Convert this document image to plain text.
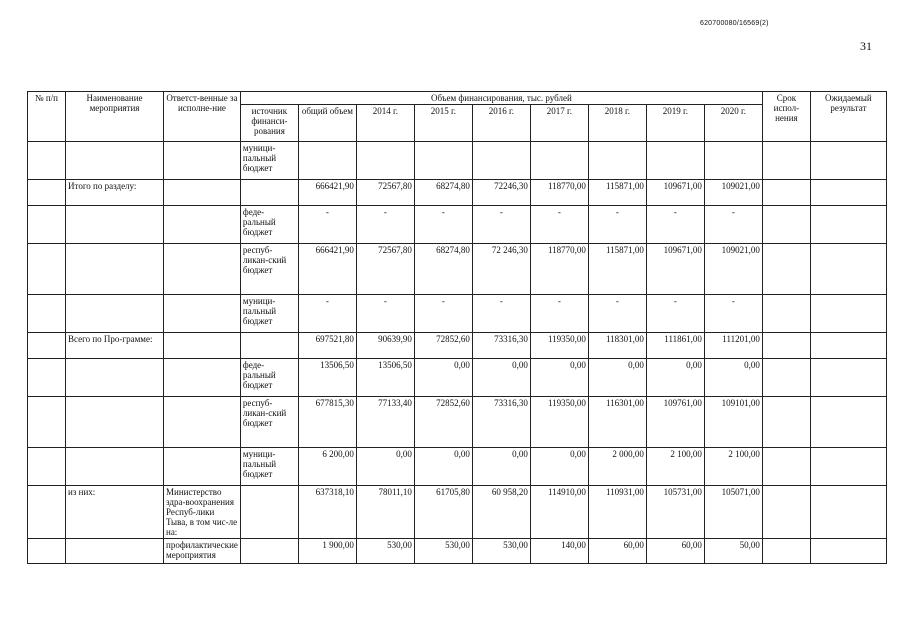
620700080/16569(2)
31
№ п/п	Наименование мероприятия	Ответст-венные за исполне-ние	Объем финансирования, тыс. рублей									Срок испол-нения	Ожидаемый результат
			источник финанси-рования	общий объем	2014 г.	2015 г.	2016 г.	2017 г.	2018 г.	2019 г.	2020 г.		
			муници-пальный бюджет										
	Итого по разделу:			666421,90	72567,80	68274,80	72246,30	118770,00	115871,00	109671,00	109021,00		
			феде-ральный бюджет	-	-	-	-	-	-	-	-		
			респуб-ликан-ский бюджет	666421,90	72567,80	68274,80	72 246,30	118770,00	115871,00	109671,00	109021,00		
			муници-пальный бюджет	-	-	-	-	-	-	-	-		
	Всего по Про-грамме:			697521,80	90639,90	72852,60	73316,30	119350,00	118301,00	111861,00	111201,00		
			феде-ральный бюджет	13506,50	13506,50	0,00	0,00	0,00	0,00	0,00	0,00		
			респуб-ликан-ский бюджет	677815,30	77133,40	72852,60	73316,30	119350,00	116301,00	109761,00	109101,00		
			муници-пальный бюджет	6 200,00	0,00	0,00	0,00	0,00	2 000,00	2 100,00	2 100,00		
	из них:	Министерство здра-воохранения Респуб-лики Тыва, в том чис-ле на:		637318,10	78011,10	61705,80	60 958,20	114910,00	110931,00	105731,00	105071,00		
		профилактические мероприятия		1 900,00	530,00	530,00	530,00	140,00	60,00	60,00	50,00		
